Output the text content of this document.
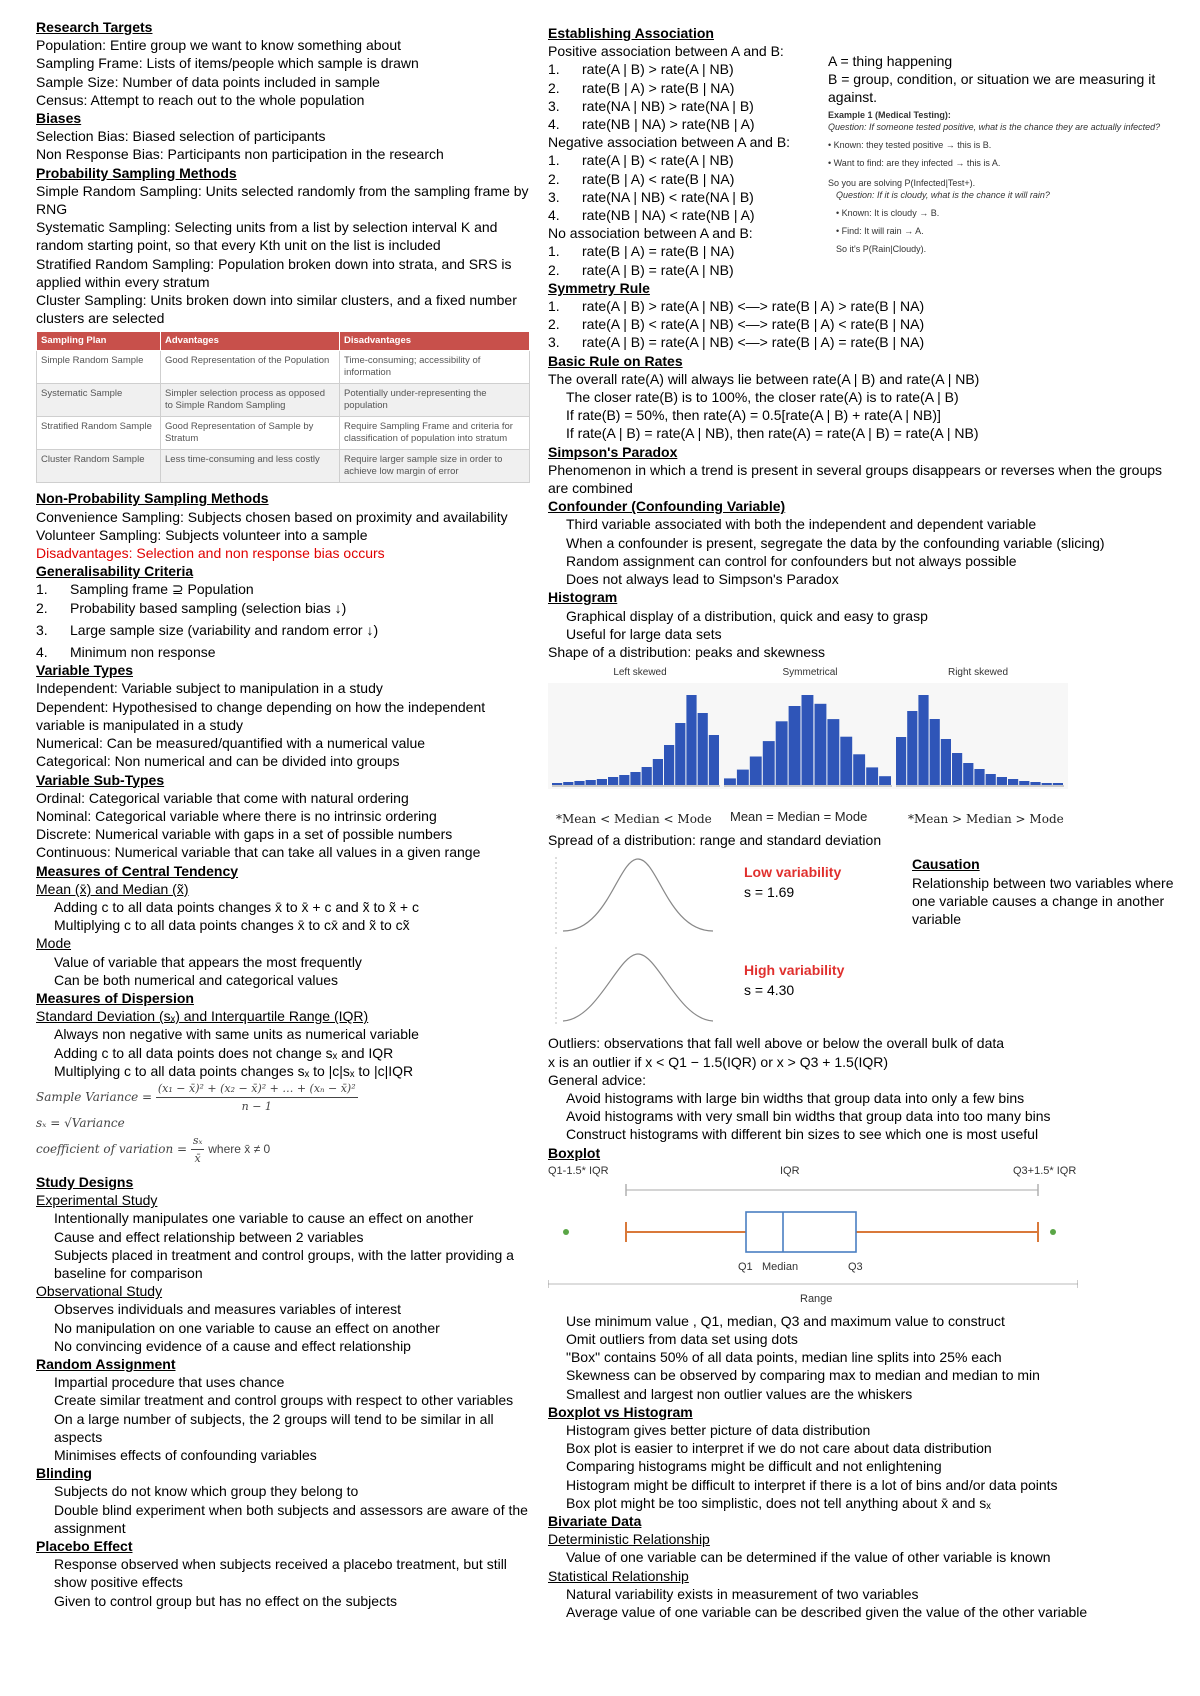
Research Targets
Population: Entire group we want to know something about
Sampling Frame: Lists of items/people which sample is drawn
Sample Size: Number of data points included in sample
Census: Attempt to reach out to the whole population
Biases
Selection Bias: Biased selection of participants
Non Response Bias: Participants non participation in the research
Probability Sampling Methods
Simple Random Sampling: Units selected randomly from the sampling frame by RNG
Systematic Sampling: Selecting units from a list by selection interval K and random starting point, so that every Kth unit on the list is included
Stratified Random Sampling: Population broken down into strata, and SRS is applied within every stratum
Cluster Sampling: Units broken down into similar clusters, and a fixed number clusters are selected
Sampling Plan	Advantages	Disadvantages
Simple Random Sample	Good Representation of the Population	Time-consuming; accessibility of information
Systematic Sample	Simpler selection process as opposed to Simple Random Sampling	Potentially under-representing the population
Stratified Random Sample	Good Representation of Sample by Stratum	Require Sampling Frame and criteria for classification of population into stratum
Cluster Random Sample	Less time-consuming and less costly	Require larger sample size in order to achieve low margin of error
Non-Probability Sampling Methods
Convenience Sampling: Subjects chosen based on proximity and availability
Volunteer Sampling: Subjects volunteer into a sample
Disadvantages: Selection and non response bias occurs
Generalisability Criteria
1.	Sampling frame ⊇ Population
2.	Probability based sampling (selection bias ↓)
3.	Large sample size (variability and random error ↓)
4.	Minimum non response
Variable Types
Independent: Variable subject to manipulation in a study
Dependent: Hypothesised to change depending on how the independent variable is manipulated in a study
Numerical: Can be measured/quantified with a numerical value
Categorical: Non numerical and can be divided into groups
Variable Sub-Types
Ordinal: Categorical variable that come with natural ordering
Nominal: Categorical variable where there is no intrinsic ordering
Discrete: Numerical variable with gaps in a set of possible numbers
Continuous: Numerical variable that can take all values in a given range
Measures of Central Tendency
Mean (x̄) and Median (x̃)
Adding c to all data points changes x̄ to x̄ + c and x̃ to x̃ + c
Multiplying c to all data points changes x̄ to cx̄ and x̃ to cx̃
Mode
Value of variable that appears the most frequently
Can be both numerical and categorical values
Measures of Dispersion
Standard Deviation (sₓ) and Interquartile Range (IQR)
Always non negative with same units as numerical variable
Adding c to all data points does not change sₓ and IQR
Multiplying c to all data points changes sₓ to |c|sₓ to |c|IQR
Sample Variance = $\frac{\text{(x₁ − x̄)² + (x₂ − x̄)² + … + (xₙ − x̄)²}}{n - 1}$
sₓ = √Variance
coefficient of variation = $\frac{\text{sₓ}}{x̄}$ where x̄ ≠ 0
Study Designs
Experimental Study
Intentionally manipulates one variable to cause an effect on another
Cause and effect relationship between 2 variables
Subjects placed in treatment and control groups, with the latter providing a baseline for comparison
Observational Study
Observes individuals and measures variables of interest
No manipulation on one variable to cause an effect on another
No convincing evidence of a cause and effect relationship
Random Assignment
Impartial procedure that uses chance
Create similar treatment and control groups with respect to other variables
On a large number of subjects, the 2 groups will tend to be similar in all aspects
Minimises effects of confounding variables
Blinding
Subjects do not know which group they belong to
Double blind experiment when both subjects and assessors are aware of the assignment
Placebo Effect
Response observed when subjects received a placebo treatment, but still show positive effects
Given to control group but has no effect on the subjects
Establishing Association
Positive association between A and B:
1.	rate(A | B) > rate(A | NB)
2.	rate(B | A) > rate(B | NA)
3.	rate(NA | NB) > rate(NA | B)
4.	rate(NB | NA) > rate(NB | A)
Negative association between A and B:
1.	rate(A | B) < rate(A | NB)
2.	rate(B | A) < rate(B | NA)
3.	rate(NA | NB) < rate(NA | B)
4.	rate(NB | NA) < rate(NB | A)
No association between A and B:
1.	rate(B | A) = rate(B | NA)
2.	rate(A | B) = rate(A | NB)
A = thing happening
B = group, condition, or situation we are measuring it against.
Example 1 (Medical Testing):
Question: If someone tested positive, what is the chance they are actually infected?
• Known: they tested positive → this is B.
• Want to find: are they infected → this is A.
So you are solving P(Infected|Test+).
Question: If it is cloudy, what is the chance it will rain?
• Known: It is cloudy → B.
• Find: It will rain → A.
So it's P(Rain|Cloudy).
Symmetry Rule
1.	rate(A | B) > rate(A | NB) <—> rate(B | A) > rate(B | NA)
2.	rate(A | B) < rate(A | NB) <—> rate(B | A) < rate(B | NA)
3.	rate(A | B) = rate(A | NB) <—> rate(B | A) = rate(B | NA)
Basic Rule on Rates
The overall rate(A) will always lie between rate(A | B) and rate(A | NB)
The closer rate(B) is to 100%, the closer rate(A) is to rate(A | B)
If rate(B) = 50%, then rate(A) = 0.5[rate(A | B) + rate(A | NB)]
If rate(A | B) = rate(A | NB), then rate(A) = rate(A | B) = rate(A | NB)
Simpson's Paradox
Phenomenon in which a trend is present in several groups disappears or reverses when the groups are combined
Confounder (Confounding Variable)
Third variable associated with both the independent and dependent variable
When a confounder is present, segregate the data by the confounding variable (slicing)
Random assignment can control for confounders but not always possible
Does not always lead to Simpson's Paradox
Histogram
Graphical display of a distribution, quick and easy to grasp
Useful for large data sets
Shape of a distribution: peaks and skewness
Left skewed	Symmetrical	Right skewed
*Mean < Median < Mode Mean = Median = Mode	*Mean > Median > Mode
Spread of a distribution: range and standard deviation
Low variability
s = 1.69
High variability
s = 4.30
Causation
Relationship between two variables where one variable causes a change in another variable
Outliers: observations that fall well above or below the overall bulk of data
x is an outlier if x < Q1 − 1.5(IQR) or x > Q3 + 1.5(IQR)
General advice:
Avoid histograms with large bin widths that group data into only a few bins
Avoid histograms with very small bin widths that group data into too many bins
Construct histograms with different bin sizes to see which one is most useful
Boxplot
Q1-1.5* IQR	IQR	Q3+1.5* IQR
Q1 Median	Q3
Range
Use minimum value , Q1, median, Q3 and maximum value to construct
Omit outliers from data set using dots
"Box" contains 50% of all data points, median line splits into 25% each
Skewness can be observed by comparing max to median and median to min
Smallest and largest non outlier values are the whiskers
Boxplot vs Histogram
Histogram gives better picture of data distribution
Box plot is easier to interpret if we do not care about data distribution
Comparing histograms might be difficult and not enlightening
Histogram might be difficult to interpret if there is a lot of bins and/or data points
Box plot might be too simplistic, does not tell anything about x̄ and sₓ
Bivariate Data
Deterministic Relationship
Value of one variable can be determined if the value of other variable is known
Statistical Relationship
Natural variability exists in measurement of two variables
Average value of one variable can be described given the value of the other variable
